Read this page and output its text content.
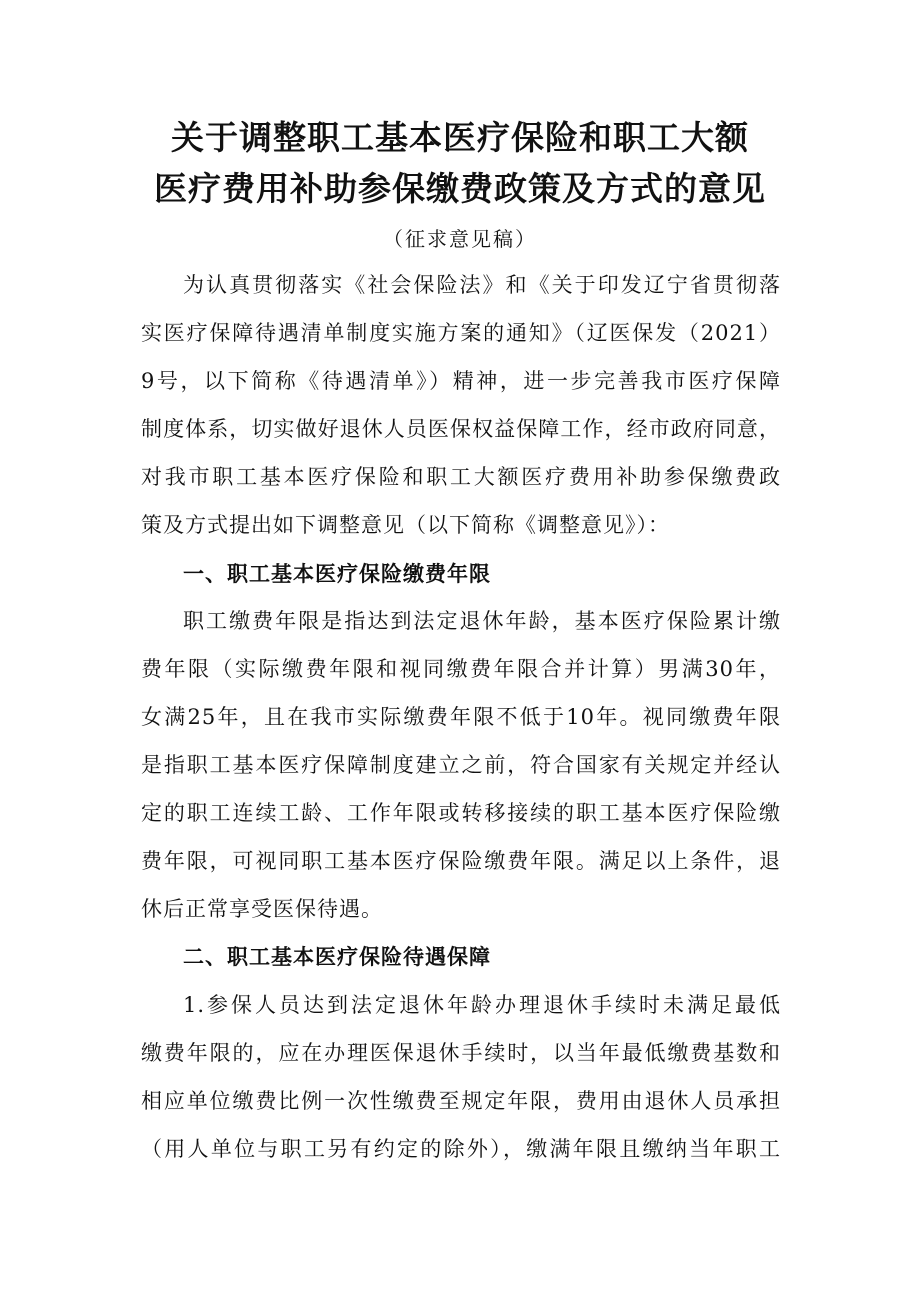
关于调整职工基本医疗保险和职工大额
医疗费用补助参保缴费政策及方式的意见
（征求意见稿）
为认真贯彻落实《社会保险法》和《关于印发辽宁省贯彻落
实医疗保障待遇清单制度实施方案的通知》（辽医保发（2021）
9号，以下简称《待遇清单》）精神，进一步完善我市医疗保障
制度体系，切实做好退休人员医保权益保障工作，经市政府同意，
对我市职工基本医疗保险和职工大额医疗费用补助参保缴费政
策及方式提出如下调整意见（以下简称《调整意见》）：
一、职工基本医疗保险缴费年限
职工缴费年限是指达到法定退休年龄，基本医疗保险累计缴
费年限（实际缴费年限和视同缴费年限合并计算）男满30年，
女满25年，且在我市实际缴费年限不低于10年。视同缴费年限
是指职工基本医疗保障制度建立之前，符合国家有关规定并经认
定的职工连续工龄、工作年限或转移接续的职工基本医疗保险缴
费年限，可视同职工基本医疗保险缴费年限。满足以上条件，退
休后正常享受医保待遇。
二、职工基本医疗保险待遇保障
1.参保人员达到法定退休年龄办理退休手续时未满足最低
缴费年限的，应在办理医保退休手续时，以当年最低缴费基数和
相应单位缴费比例一次性缴费至规定年限，费用由退休人员承担
（用人单位与职工另有约定的除外），缴满年限且缴纳当年职工
